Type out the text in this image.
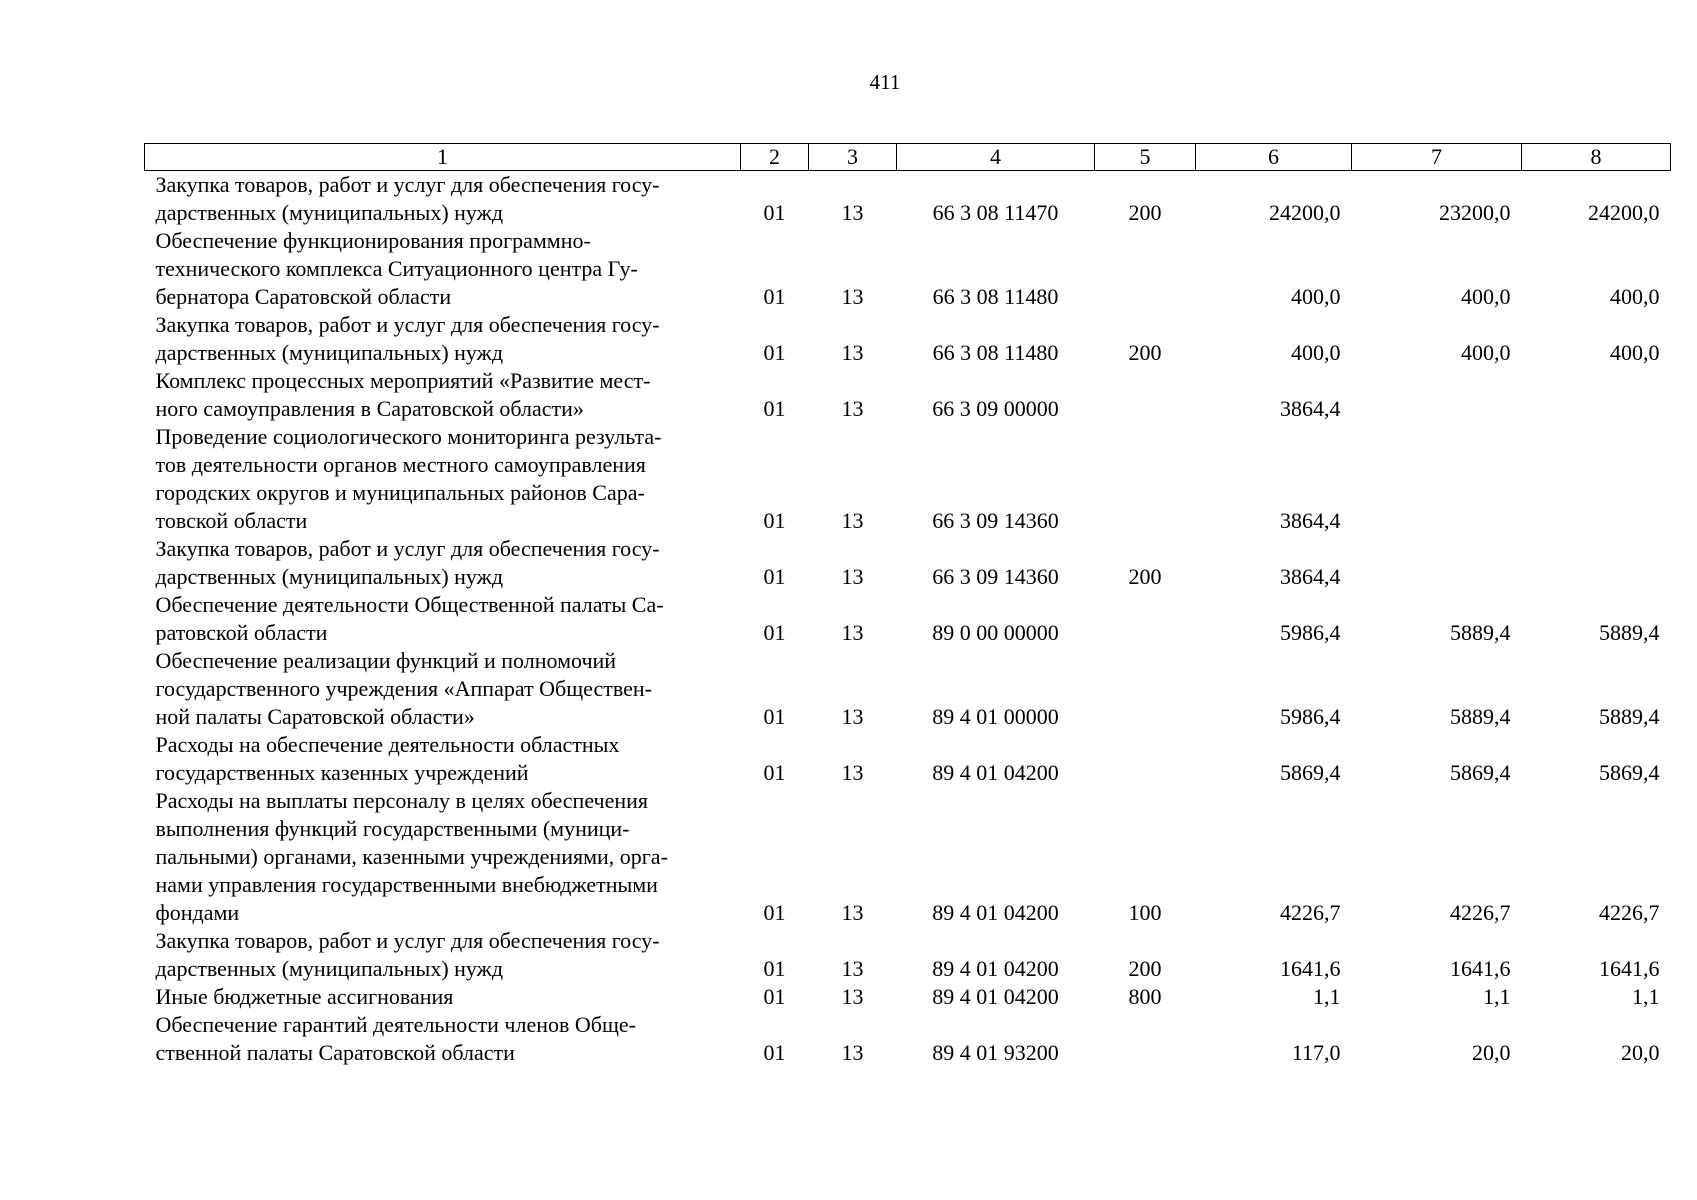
411
1	2	3	4	5	6	7	8

Закупка товаров, работ и услуг для обеспечения госу-
дарственных (муниципальных) нужд	01	13	66 3 08 11470	200	24200,0	23200,0	24200,0

Обеспечение функционирования программно-
технического комплекса Ситуационного центра Гу-
бернатора Саратовской области	01	13	66 3 08 11480		400,0	400,0	400,0

Закупка товаров, работ и услуг для обеспечения госу-
дарственных (муниципальных) нужд	01	13	66 3 08 11480	200	400,0	400,0	400,0

Комплекс процессных мероприятий «Развитие мест-
ного самоуправления в Саратовской области»	01	13	66 3 09 00000		3864,4		

Проведение социологического мониторинга результа-
тов деятельности органов местного самоуправления
городских округов и муниципальных районов Сара-
товской области	01	13	66 3 09 14360		3864,4		

Закупка товаров, работ и услуг для обеспечения госу-
дарственных (муниципальных) нужд	01	13	66 3 09 14360	200	3864,4		

Обеспечение деятельности Общественной палаты Са-
ратовской области	01	13	89 0 00 00000		5986,4	5889,4	5889,4

Обеспечение реализации функций и полномочий
государственного учреждения «Аппарат Обществен-
ной палаты Саратовской области»	01	13	89 4 01 00000		5986,4	5889,4	5889,4

Расходы на обеспечение деятельности областных
государственных казенных учреждений	01	13	89 4 01 04200		5869,4	5869,4	5869,4

Расходы на выплаты персоналу в целях обеспечения
выполнения функций государственными (муници-
пальными) органами, казенными учреждениями, орга-
нами управления государственными внебюджетными
фондами	01	13	89 4 01 04200	100	4226,7	4226,7	4226,7

Закупка товаров, работ и услуг для обеспечения госу-
дарственных (муниципальных) нужд	01	13	89 4 01 04200	200	1641,6	1641,6	1641,6

Иные бюджетные ассигнования	01	13	89 4 01 04200	800	1,1	1,1	1,1

Обеспечение гарантий деятельности членов Обще-
ственной палаты Саратовской области	01	13	89 4 01 93200		117,0	20,0	20,0
